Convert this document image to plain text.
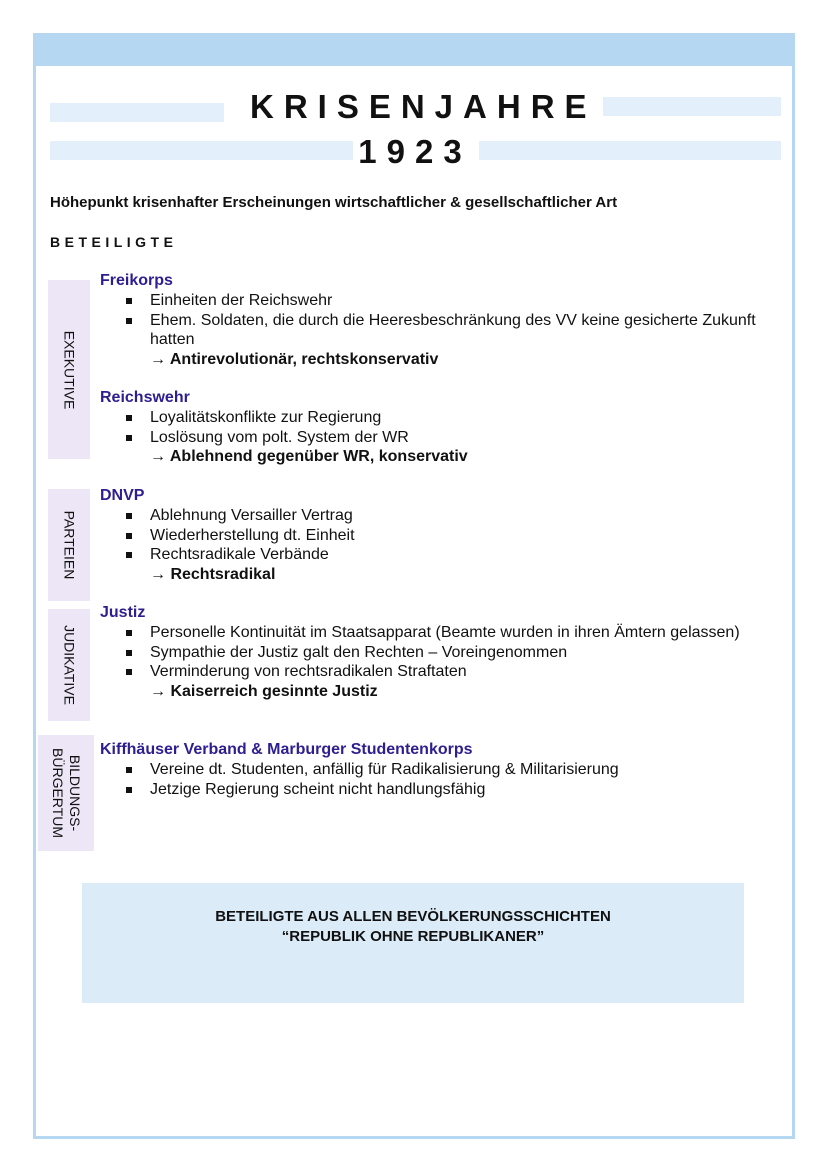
KRISENJAHRE
1923
Höhepunkt krisenhafter Erscheinungen wirtschaftlicher & gesellschaftlicher Art
BETEILIGTE
EXEKUTIVE
PARTEIEN
JUDIKATIVE
BILDUNGS-
BÜRGERTUM
Freikorps
Einheiten der Reichswehr
Ehem. Soldaten, die durch die Heeresbeschränkung des VV keine gesicherte Zukunft hatten
→ Antirevolutionär, rechtskonservativ
Reichswehr
Loyalitätskonflikte zur Regierung
Loslösung vom polt. System der WR
→ Ablehnend gegenüber WR, konservativ
DNVP
Ablehnung Versailler Vertrag
Wiederherstellung dt. Einheit
Rechtsradikale Verbände
→ Rechtsradikal
Justiz
Personelle Kontinuität im Staatsapparat (Beamte wurden in ihren Ämtern gelassen)
Sympathie der Justiz galt den Rechten – Voreingenommen
Verminderung von rechtsradikalen Straftaten
→ Kaiserreich gesinnte Justiz
Kiffhäuser Verband & Marburger Studentenkorps
Vereine dt. Studenten, anfällig für Radikalisierung & Militarisierung
Jetzige Regierung scheint nicht handlungsfähig
BETEILIGTE AUS ALLEN BEVÖLKERUNGSSCHICHTEN
“REPUBLIK OHNE REPUBLIKANER”
